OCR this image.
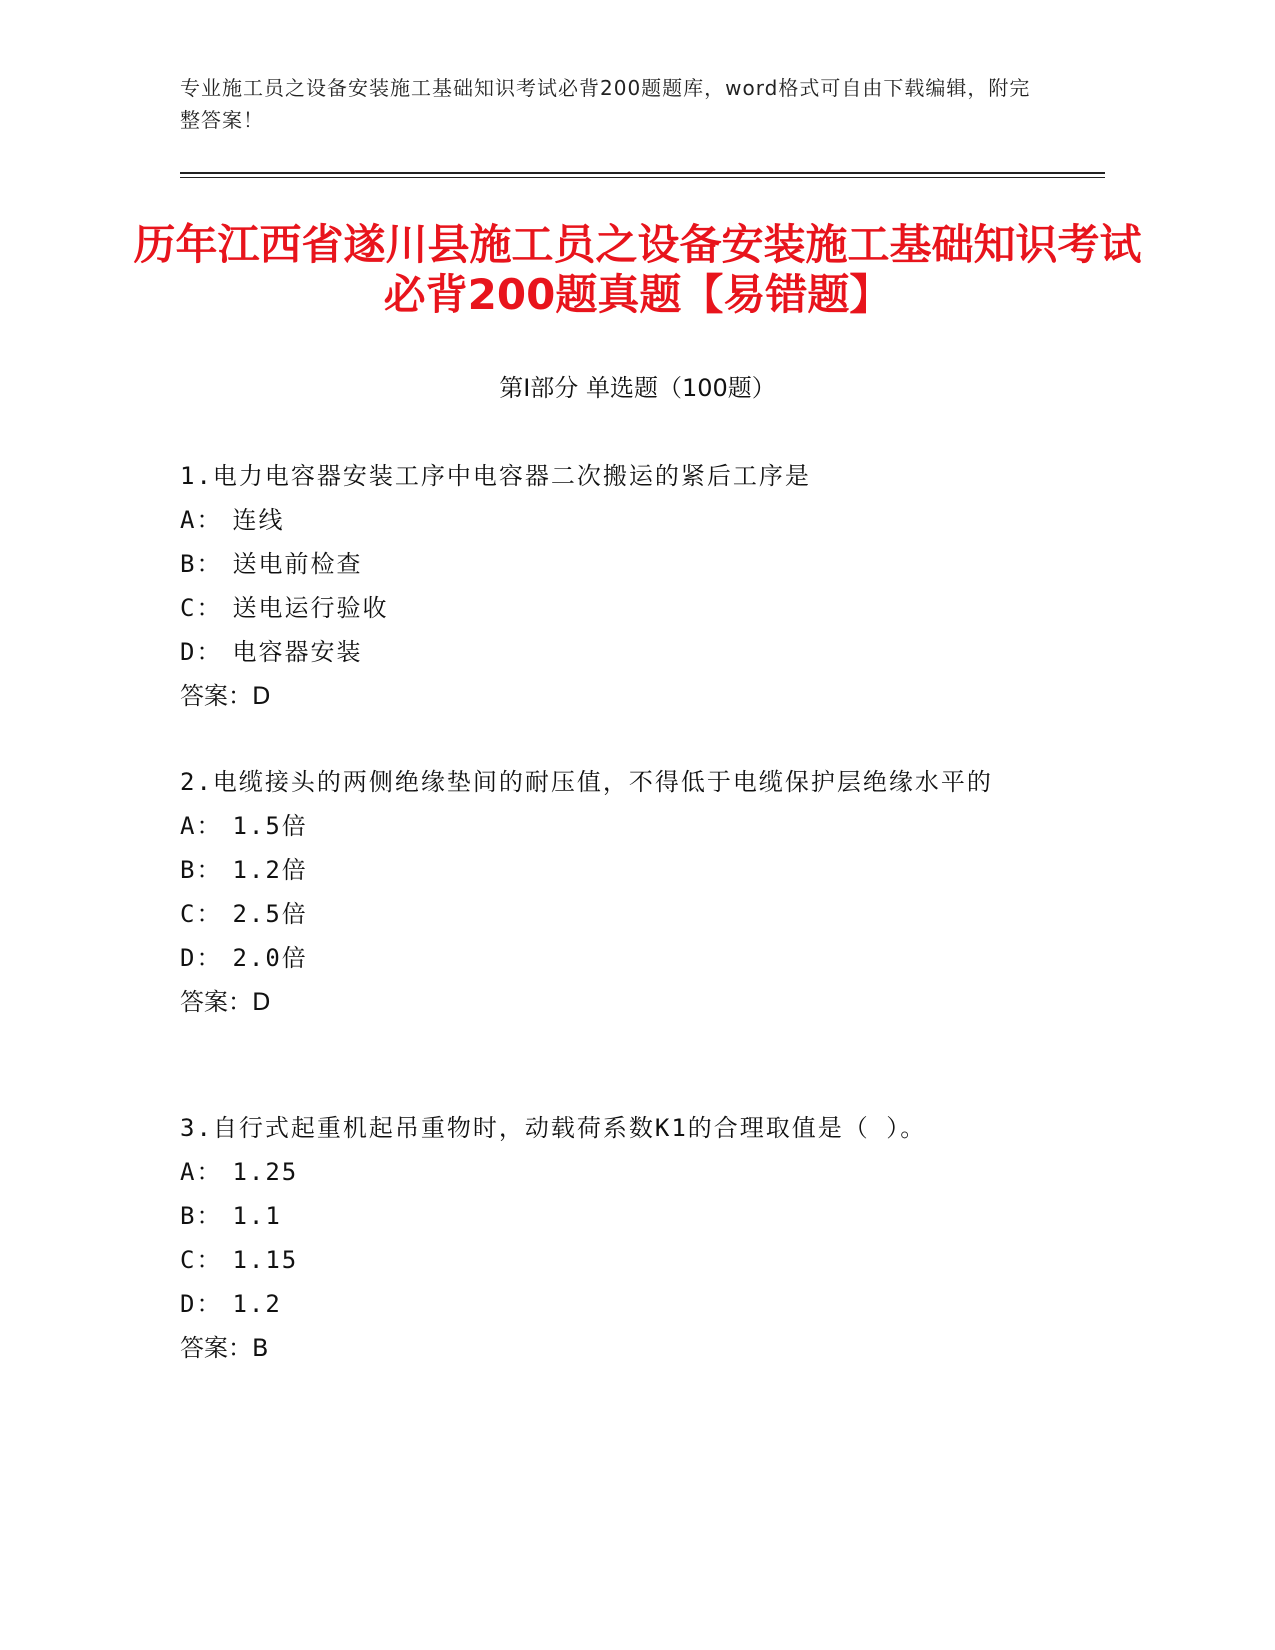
专业施工员之设备安装施工基础知识考试必背200题题库，word格式可自由下载编辑，附完整答案！
历年江西省遂川县施工员之设备安装施工基础知识考试必背200题真题【易错题】
第Ⅰ部分 单选题（100题）

1.电力电容器安装工序中电容器二次搬运的紧后工序是

A： 连线

B： 送电前检查

C： 送电运行验收

D： 电容器安装

答案：D

2.电缆接头的两侧绝缘垫间的耐压值，不得低于电缆保护层绝缘水平的

A： 1.5倍

B： 1.2倍

C： 2.5倍

D： 2.0倍

答案：D

3.自行式起重机起吊重物时，动载荷系数K1的合理取值是（ ）。

A： 1.25

B： 1.1

C： 1.15

D： 1.2

答案：B
